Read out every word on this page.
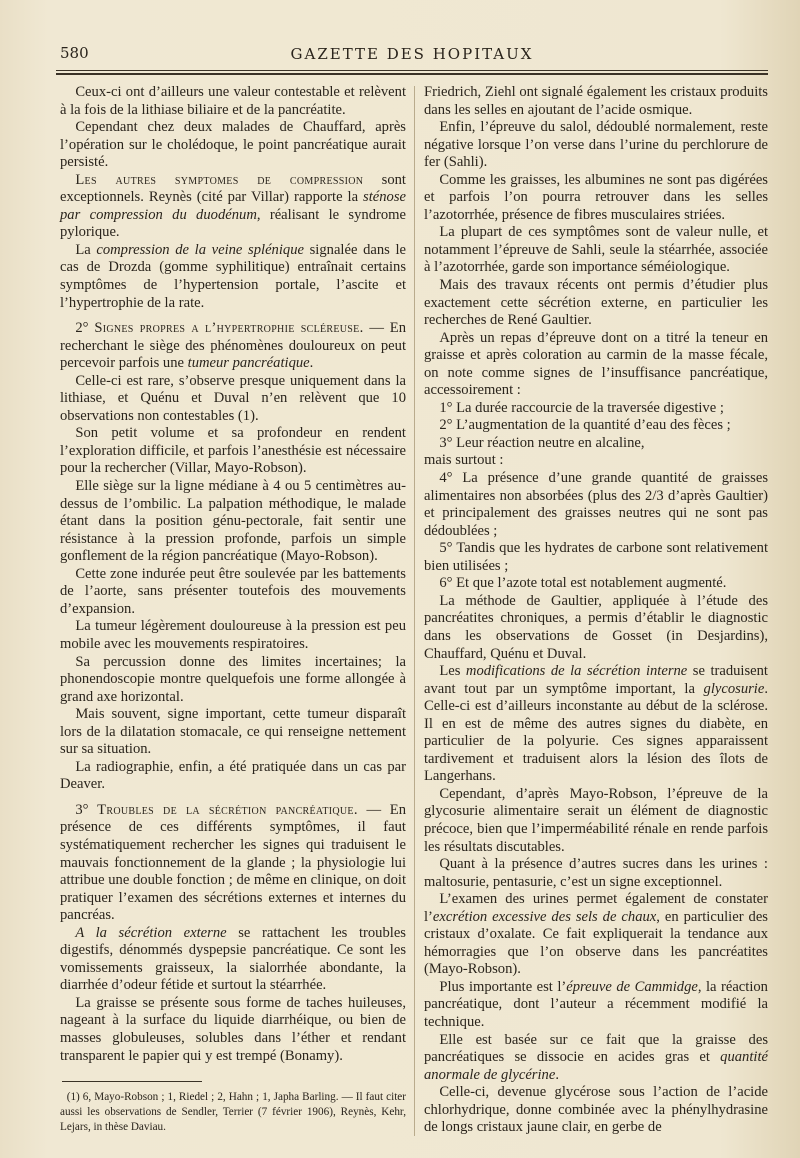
580	GAZETTE DES HOPITAUX

Ceux-ci ont d’ailleurs une valeur contestable et relèvent à la fois de la lithiase biliaire et de la pancréatite.

Cependant chez deux malades de Chauffard, après l’opération sur le cholédoque, le point pancréatique aurait persisté.

Les autres symptomes de compression sont exceptionnels. Reynès (cité par Villar) rapporte la sténose par compression du duodénum, réalisant le syndrome pylorique.

La compression de la veine splénique signalée dans le cas de Drozda (gomme syphilitique) entraînait certains symptômes de l’hypertension portale, l’ascite et l’hypertrophie de la rate.

2° Signes propres a l’hypertrophie scléreuse. — En recherchant le siège des phénomènes douloureux on peut percevoir parfois une tumeur pancréatique.

Celle-ci est rare, s’observe presque uniquement dans la lithiase, et Quénu et Duval n’en relèvent que 10 observations non contestables (1).

Son petit volume et sa profondeur en rendent l’exploration difficile, et parfois l’anesthésie est nécessaire pour la rechercher (Villar, Mayo-Robson).

Elle siège sur la ligne médiane à 4 ou 5 centimètres au-dessus de l’ombilic. La palpation méthodique, le malade étant dans la position génu-pectorale, fait sentir une résistance à la pression profonde, parfois un simple gonflement de la région pancréatique (Mayo-Robson).

Cette zone indurée peut être soulevée par les battements de l’aorte, sans présenter toutefois des mouvements d’expansion.

La tumeur légèrement douloureuse à la pression est peu mobile avec les mouvements respiratoires.

Sa percussion donne des limites incertaines; la phonendoscopie montre quelquefois une forme allongée à grand axe horizontal.

Mais souvent, signe important, cette tumeur disparaît lors de la dilatation stomacale, ce qui renseigne nettement sur sa situation.

La radiographie, enfin, a été pratiquée dans un cas par Deaver.

3° Troubles de la sécrétion pancréatique. — En présence de ces différents symptômes, il faut systématiquement rechercher les signes qui traduisent le mauvais fonctionnement de la glande ; la physiologie lui attribue une double fonction ; de même en clinique, on doit pratiquer l’examen des sécrétions externes et internes du pancréas.

A la sécrétion externe se rattachent les troubles digestifs, dénommés dyspepsie pancréatique. Ce sont les vomissements graisseux, la sialorrhée abondante, la diarrhée d’odeur fétide et surtout la stéarrhée.

La graisse se présente sous forme de taches huileuses, nageant à la surface du liquide diarrhéique, ou bien de masses globuleuses, solubles dans l’éther et rendant transparent le papier qui y est trempé (Bonamy).

(1) 6, Mayo-Robson ; 1, Riedel ; 2, Hahn ; 1, Japha Barling. — Il faut citer aussi les observations de Sendler, Terrier (7 février 1906), Reynès, Kehr, Lejars, in thèse Daviau.

Friedrich, Ziehl ont signalé également les cristaux produits dans les selles en ajoutant de l’acide osmique.

Enfin, l’épreuve du salol, dédoublé normalement, reste négative lorsque l’on verse dans l’urine du perchlorure de fer (Sahli).

Comme les graisses, les albumines ne sont pas digérées et parfois l’on pourra retrouver dans les selles l’azotorrhée, présence de fibres musculaires striées.

La plupart de ces symptômes sont de valeur nulle, et notamment l’épreuve de Sahli, seule la stéarrhée, associée à l’azotorrhée, garde son importance séméiologique.

Mais des travaux récents ont permis d’étudier plus exactement cette sécrétion externe, en particulier les recherches de René Gaultier.

Après un repas d’épreuve dont on a titré la teneur en graisse et après coloration au carmin de la masse fécale, on note comme signes de l’insuffisance pancréatique, accessoirement :

1° La durée raccourcie de la traversée digestive ;

2° L’augmentation de la quantité d’eau des fèces ;

3° Leur réaction neutre en alcaline,

mais surtout :

4° La présence d’une grande quantité de graisses alimentaires non absorbées (plus des 2/3 d’après Gaultier) et principalement des graisses neutres qui ne sont pas dédoublées ;

5° Tandis que les hydrates de carbone sont relativement bien utilisées ;

6° Et que l’azote total est notablement augmenté.

La méthode de Gaultier, appliquée à l’étude des pancréatites chroniques, a permis d’établir le diagnostic dans les observations de Gosset (in Desjardins), Chauffard, Quénu et Duval.

Les modifications de la sécrétion interne se traduisent avant tout par un symptôme important, la glycosurie. Celle-ci est d’ailleurs inconstante au début de la sclérose. Il en est de même des autres signes du diabète, en particulier de la polyurie. Ces signes apparaissent tardivement et traduisent alors la lésion des îlots de Langerhans.

Cependant, d’après Mayo-Robson, l’épreuve de la glycosurie alimentaire serait un élément de diagnostic précoce, bien que l’imperméabilité rénale en rende parfois les résultats discutables.

Quant à la présence d’autres sucres dans les urines : maltosurie, pentasurie, c’est un signe exceptionnel.

L’examen des urines permet également de constater l’excrétion excessive des sels de chaux, en particulier des cristaux d’oxalate. Ce fait expliquerait la tendance aux hémorragies que l’on observe dans les pancréatites (Mayo-Robson).

Plus importante est l’épreuve de Cammidge, la réaction pancréatique, dont l’auteur a récemment modifié la technique.

Elle est basée sur ce fait que la graisse des pancréatiques se dissocie en acides gras et quantité anormale de glycérine.

Celle-ci, devenue glycérose sous l’action de l’acide chlorhydrique, donne combinée avec la phénylhydrasine de longs cristaux jaune clair, en gerbe de
